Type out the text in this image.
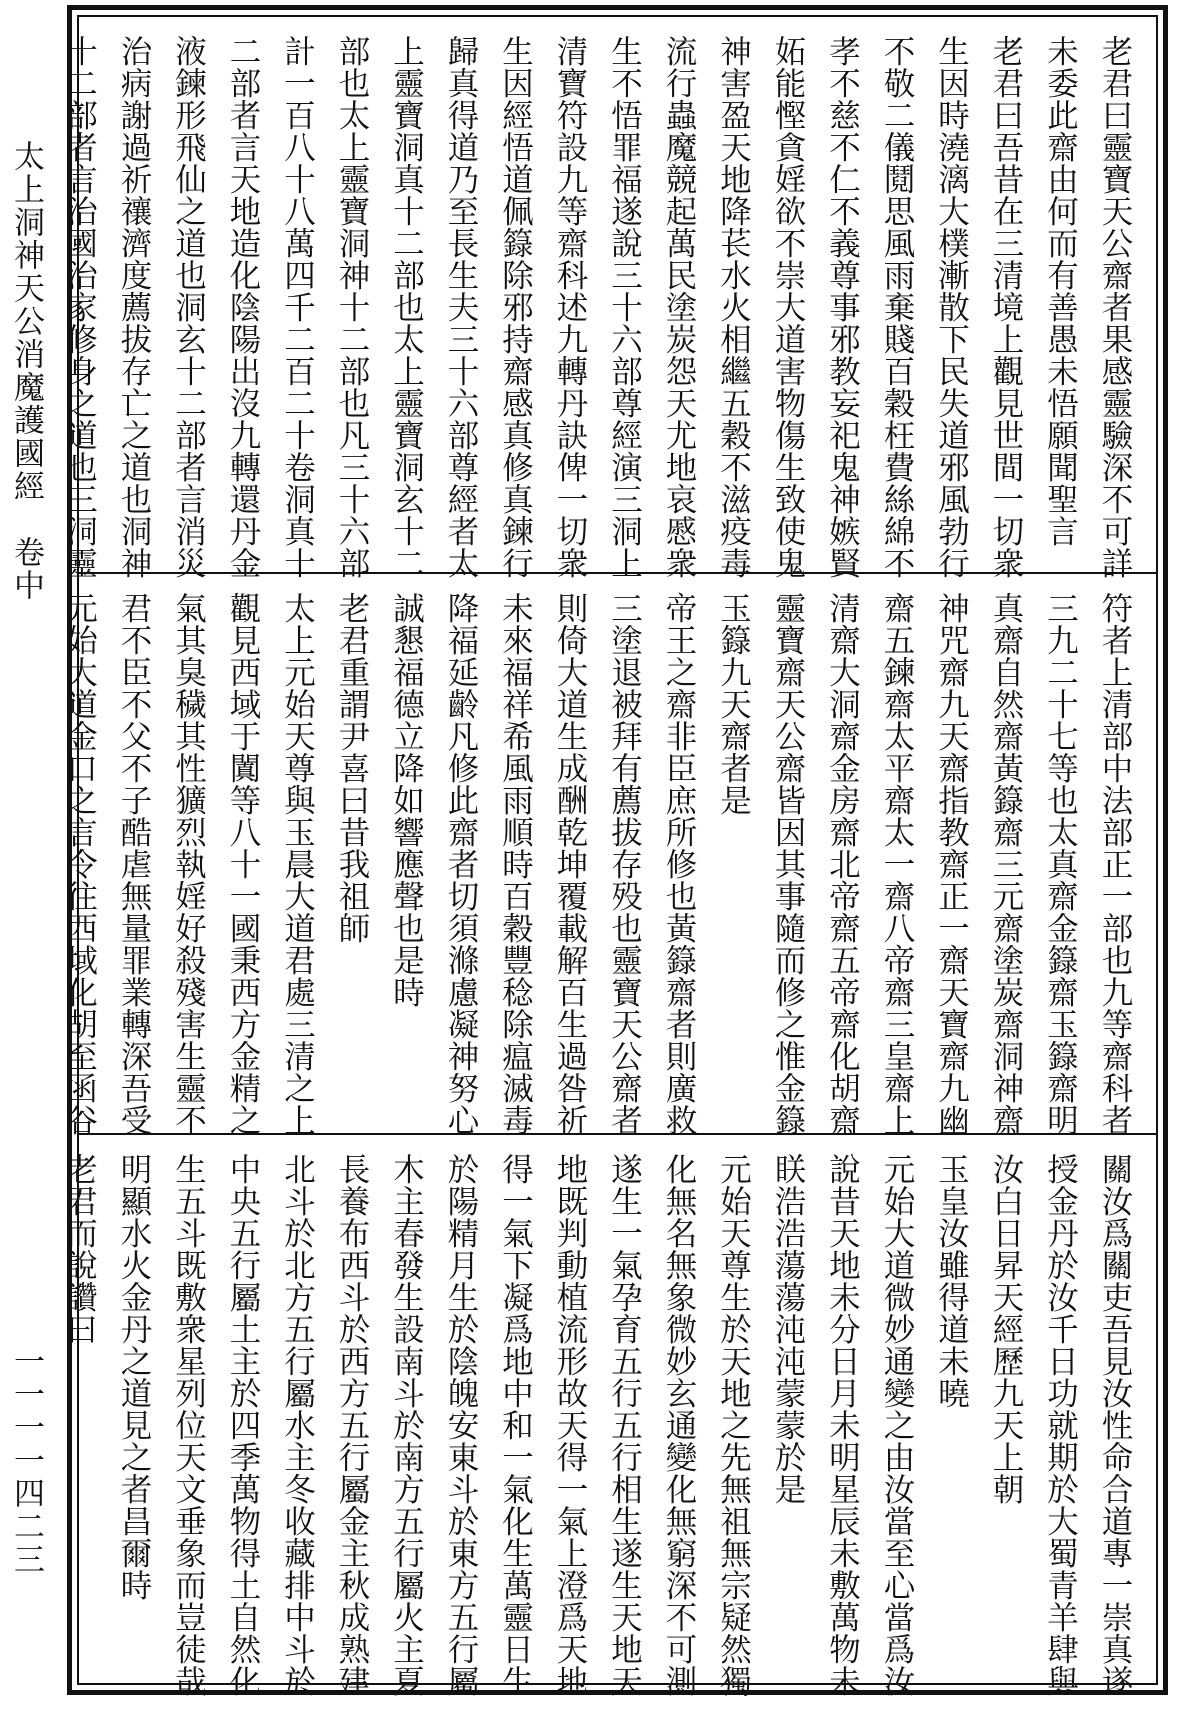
太上洞神天公消魔護國經　卷中
一一一一四二三
老君曰靈寶天公齋者果感靈驗深不可詳
未委此齋由何而有善愚未悟願聞聖言
老君曰吾昔在三清境上觀見世間一切衆
生因時澆漓大樸漸散下民失道邪風勃行
不敬二儀鬩思風雨棄賤百穀枉費絲綿不
孝不慈不仁不義尊事邪教妄祀鬼神嫉賢
妬能慳貪婬欲不崇大道害物傷生致使鬼
神害盈天地降苌水火相繼五穀不滋疫毒
流行蟲魔競起萬民塗炭怨天尤地哀慼衆
生不悟罪福遂說三十六部尊經演三洞上
清寶符設九等齋科述九轉丹訣俾一切衆
生因經悟道佩籙除邪持齋感真修真鍊行
歸真得道乃至長生夫三十六部尊經者太
上靈寶洞真十二部也太上靈寶洞玄十二
部也太上靈寶洞神十二部也凡三十六部
計一百八十八萬四千二百二十卷洞真十
二部者言天地造化陰陽出沒九轉還丹金
液鍊形飛仙之道也洞玄十二部者言消災
治病謝過祈禳濟度薦拔存亡之道也洞神
十二部者言治國治家修身之道也三洞靈
符者上清部中法部正一部也九等齋科者
三九二十七等也太真齋金籙齋玉籙齋明
真齋自然齋黃籙齋三元齋塗炭齋洞神齋
神咒齋九天齋指教齋正一齋天寶齋九幽
齋五鍊齋太平齋太一齋八帝齋三皇齋上
清齋大洞齋金房齋北帝齋五帝齋化胡齋
靈寶齋天公齋皆因其事隨而修之惟金籙
玉籙九天齋者是
帝王之齋非臣庶所修也黃籙齋者則廣救
三塗退被拜有薦拔存殁也靈寶天公齋者
則倚大道生成酬乾坤覆載解百生過咎祈
未來福祥希風雨順時百穀豐稔除瘟滅毒
降福延齡凡修此齋者切須滌慮凝神努心
誠懇福德立降如響應聲也是時
老君重謂尹喜曰昔我祖師
太上元始天尊與玉晨大道君處三清之上
觀見西域于闐等八十一國秉西方金精之
氣其臭穢其性獷烈執婬好殺殘害生靈不
君不臣不父不子酷虐無量罪業轉深吾受
元始大道金口之言令往西域化胡至函谷
關汝爲關吏吾見汝性命合道專一崇真遂
授金丹於汝千日功就期於大蜀青羊肆與
汝白日昇天經歷九天上朝
玉皇汝雖得道未曉
元始大道微妙通變之由汝當至心當爲汝
說昔天地未分日月未明星辰未敷萬物未
眹浩浩蕩蕩沌沌蒙蒙於是
元始天尊生於天地之先無祖無宗疑然獨
化無名無象微妙玄通變化無窮深不可測
遂生一氣孕育五行五行相生遂生天地天
地既判動植流形故天得一氣上澄爲天地
得一氣下凝爲地中和一氣化生萬靈日生
於陽精月生於陰魄安東斗於東方五行屬
木主春發生設南斗於南方五行屬火主夏
長養布西斗於西方五行屬金主秋成熟建
北斗於北方五行屬水主冬收藏排中斗於
中央五行屬土主於四季萬物得土自然化
生五斗既敷衆星列位天文垂象而豈徒哉
明顯水火金丹之道見之者昌爾時
老君而說讚曰
